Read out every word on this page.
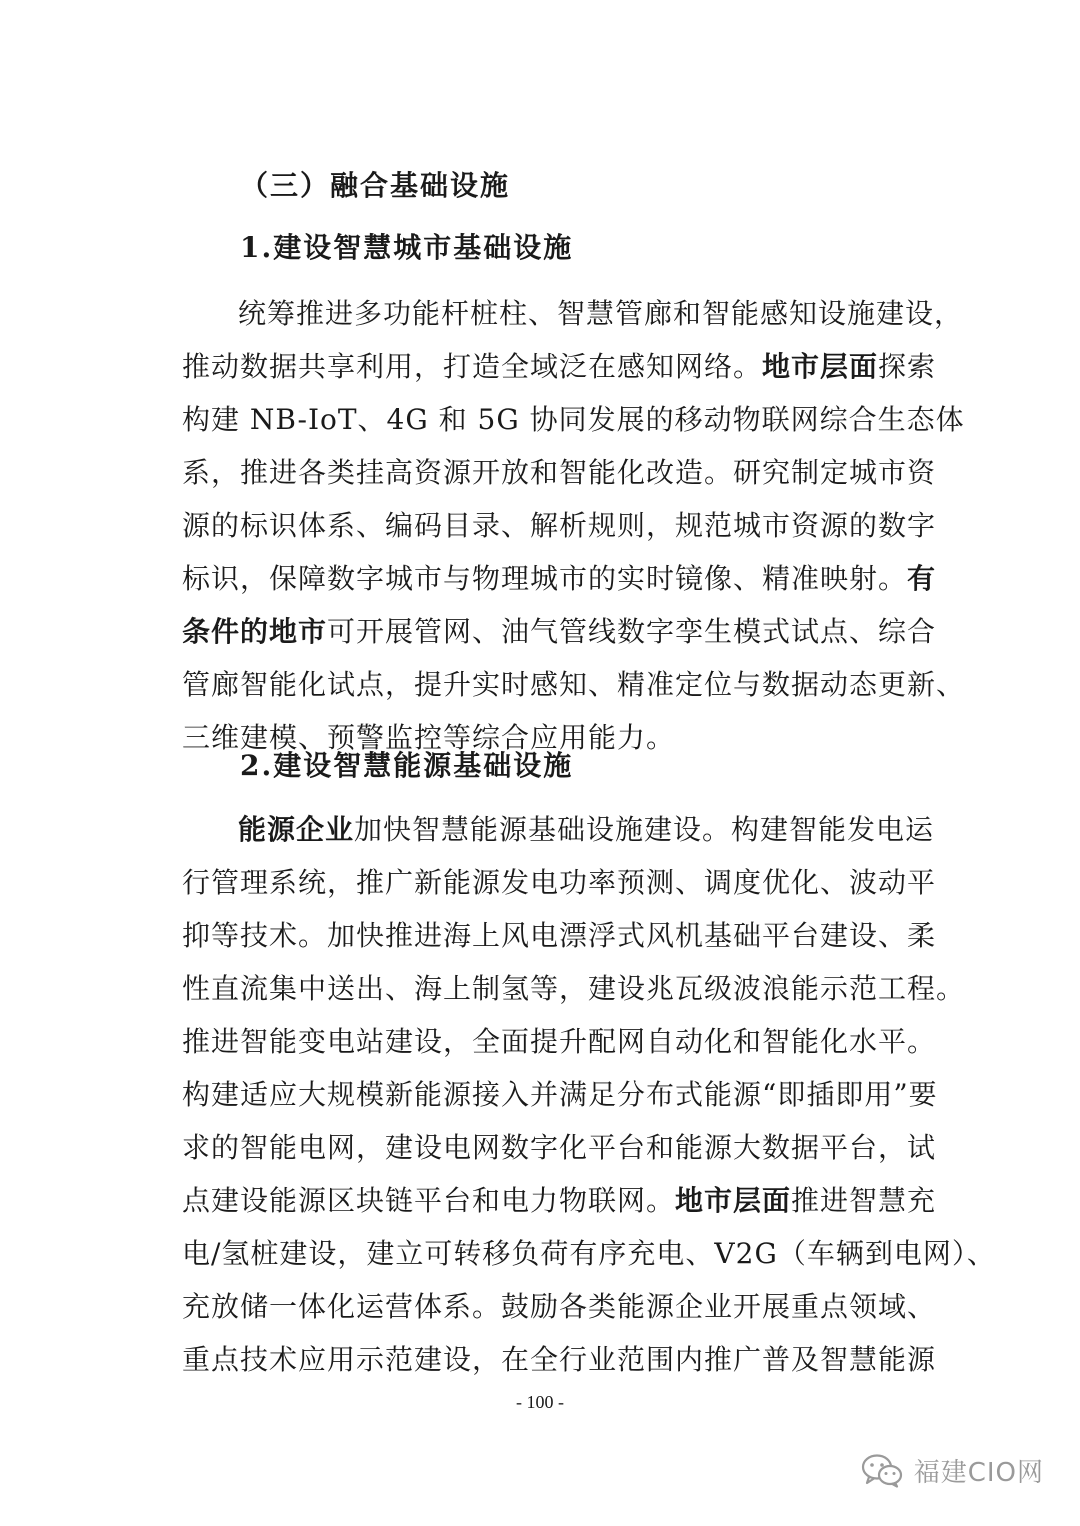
（三）融合基础设施
1.建设智慧城市基础设施
统筹推进多功能杆桩柱、智慧管廊和智能感知设施建设，
推动数据共享利用，打造全域泛在感知网络。地市层面探索
构建 NB-IoT、4G 和 5G 协同发展的移动物联网综合生态体
系，推进各类挂高资源开放和智能化改造。研究制定城市资
源的标识体系、编码目录、解析规则，规范城市资源的数字
标识，保障数字城市与物理城市的实时镜像、精准映射。有
条件的地市可开展管网、油气管线数字孪生模式试点、综合
管廊智能化试点，提升实时感知、精准定位与数据动态更新、
三维建模、预警监控等综合应用能力。
2.建设智慧能源基础设施
能源企业加快智慧能源基础设施建设。构建智能发电运
行管理系统，推广新能源发电功率预测、调度优化、波动平
抑等技术。加快推进海上风电漂浮式风机基础平台建设、柔
性直流集中送出、海上制氢等，建设兆瓦级波浪能示范工程。
推进智能变电站建设，全面提升配网自动化和智能化水平。
构建适应大规模新能源接入并满足分布式能源“即插即用”要
求的智能电网，建设电网数字化平台和能源大数据平台，试
点建设能源区块链平台和电力物联网。地市层面推进智慧充
电/氢桩建设，建立可转移负荷有序充电、V2G（车辆到电网）、
充放储一体化运营体系。鼓励各类能源企业开展重点领域、
重点技术应用示范建设，在全行业范围内推广普及智慧能源
- 100 -
福建CIO网
